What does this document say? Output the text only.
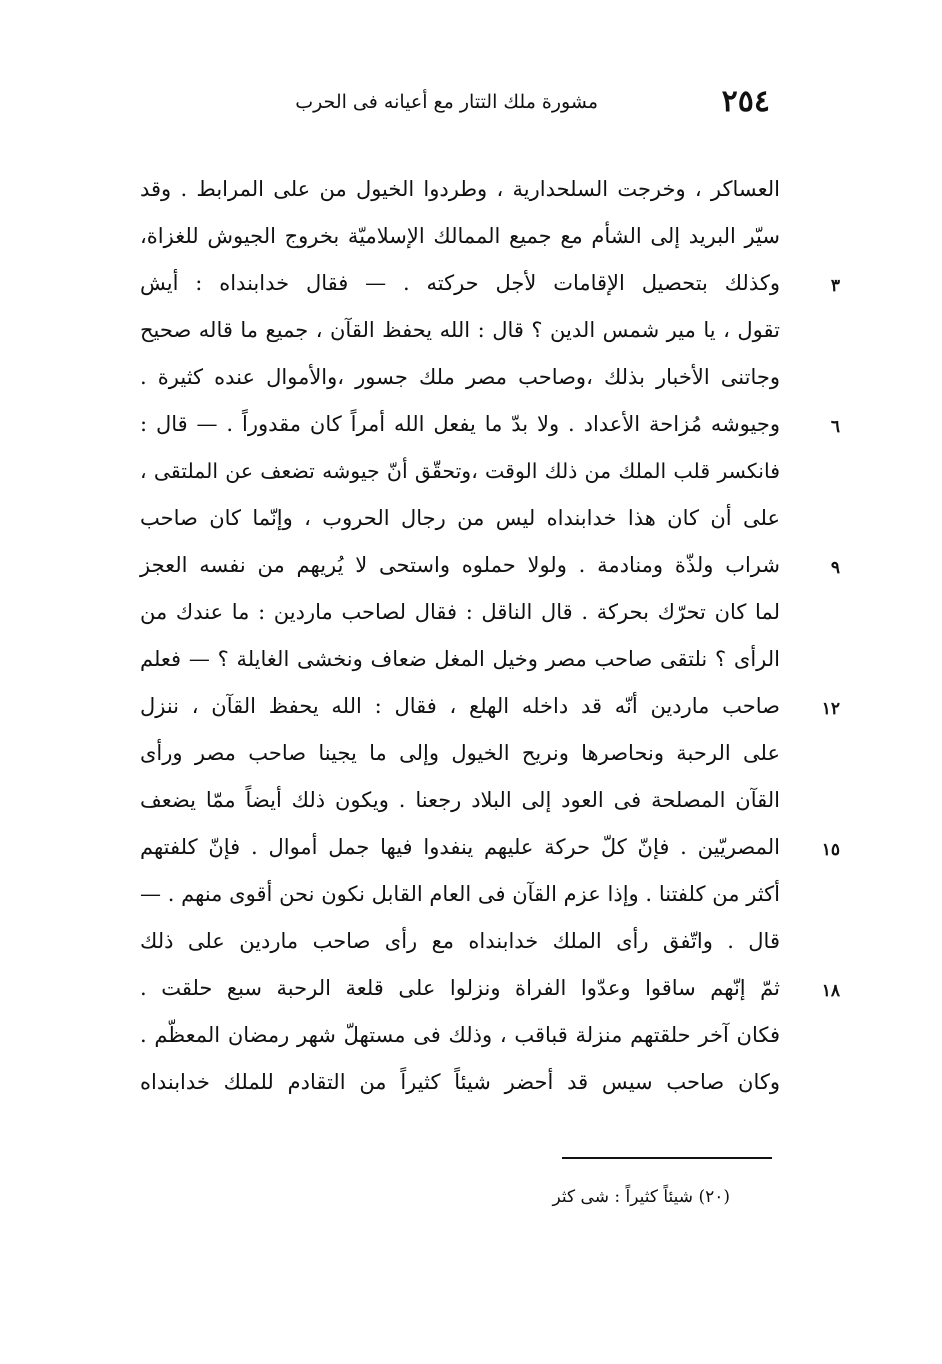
٢٥٤
مشورة ملك التتار مع أعيانه فى الحرب
العساكر ، وخرجت السلحدارية ، وطردوا الخيول من على المرابط . وقد
سيّر البريد إلى الشأم مع جميع الممالك الإسلاميّة بخروج الجيوش للغزاة،
٣
وكذلك بتحصيل الإقامات لأجل حركته . — فقال خدابنداه : أيش
تقول ، يا مير شمس الدين ؟ قال : الله يحفظ القآن ، جميع ما قاله صحيح
وجاتنى الأخبار بذلك ،وصاحب مصر ملك جسور ،والأموال عنده كثيرة .
٦
وجيوشه مُزاحة الأعداد . ولا بدّ ما يفعل الله أمراً كان مقدوراً . — قال :
فانكسر قلب الملك من ذلك الوقت ،وتحقّق أنّ جيوشه تضعف عن الملتقى ،
على أن كان هذا خدابنداه ليس من رجال الحروب ، وإنّما كان صاحب
٩
شراب ولذّة ومنادمة . ولولا حملوه واستحى لا يُريهم من نفسه العجز
لما كان تحرّك بحركة . قال الناقل : فقال لصاحب ماردين : ما عندك من
الرأى ؟ نلتقى صاحب مصر وخيل المغل ضعاف ونخشى الغايلة ؟ — فعلم
١٢
صاحب ماردين أنّه قد داخله الهلع ، فقال : الله يحفظ القآن ، ننزل
على الرحبة ونحاصرها ونريح الخيول وإلى ما يجينا صاحب مصر ورأى
القآن المصلحة فى العود إلى البلاد رجعنا . ويكون ذلك أيضاً ممّا يضعف
١٥
المصريّين . فإنّ كلّ حركة عليهم ينفدوا فيها جمل أموال . فإنّ كلفتهم
أكثر من كلفتنا . وإذا عزم القآن فى العام القابل نكون نحن أقوى منهم . —
قال . واتّفق رأى الملك خدابنداه مع رأى صاحب ماردين على ذلك
١٨
ثمّ إنّهم ساقوا وعدّوا الفراة ونزلوا على قلعة الرحبة سبع حلقت .
فكان آخر حلقتهم منزلة قباقب ، وذلك فى مستهلّ شهر رمضان المعظّم .
وكان صاحب سيس قد أحضر شيئاً كثيراً من التقادم للملك خدابنداه
(٢٠) شيئاً كثيراً : شى كثر
